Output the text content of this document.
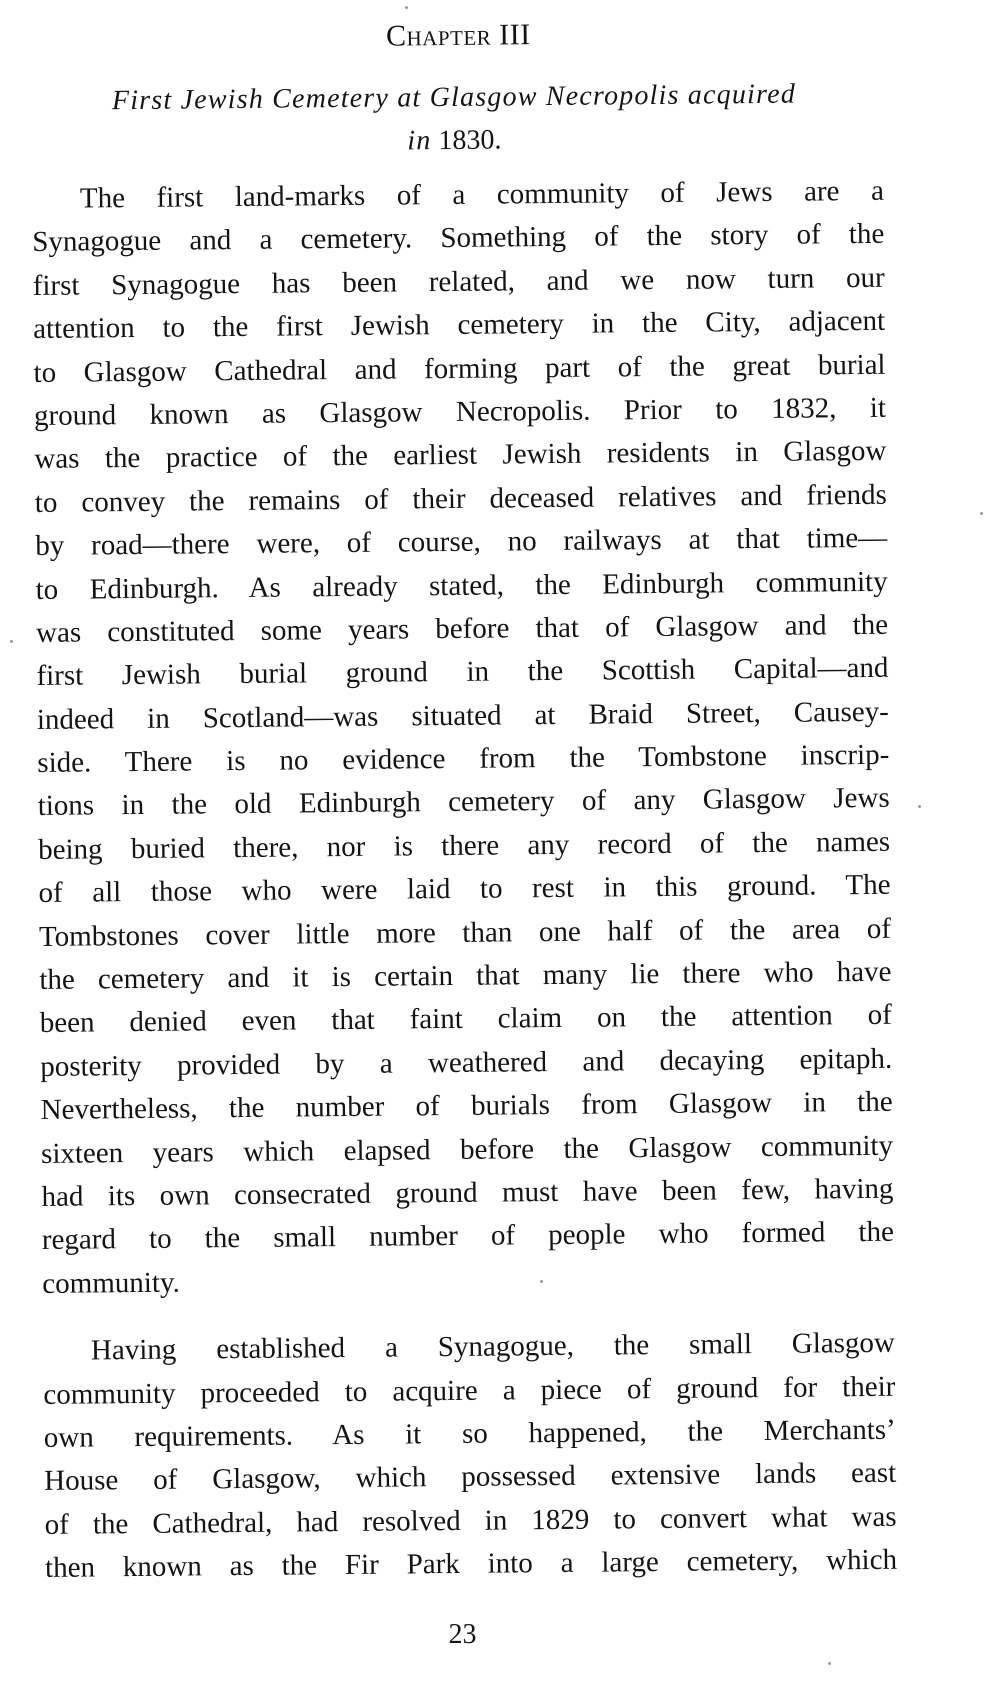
Chapter III
First Jewish Cemetery at Glasgow Necropolis acquired
in 1830.
The first land-marks of a community of Jews are a
Synagogue and a cemetery. Something of the story of the
first Synagogue has been related, and we now turn our
attention to the first Jewish cemetery in the City, adjacent
to Glasgow Cathedral and forming part of the great burial
ground known as Glasgow Necropolis. Prior to 1832, it
was the practice of the earliest Jewish residents in Glasgow
to convey the remains of their deceased relatives and friends
by road—there were, of course, no railways at that time—
to Edinburgh. As already stated, the Edinburgh community
was constituted some years before that of Glasgow and the
first Jewish burial ground in the Scottish Capital—and
indeed in Scotland—was situated at Braid Street, Causey-
side. There is no evidence from the Tombstone inscrip-
tions in the old Edinburgh cemetery of any Glasgow Jews
being buried there, nor is there any record of the names
of all those who were laid to rest in this ground. The
Tombstones cover little more than one half of the area of
the cemetery and it is certain that many lie there who have
been denied even that faint claim on the attention of
posterity provided by a weathered and decaying epitaph.
Nevertheless, the number of burials from Glasgow in the
sixteen years which elapsed before the Glasgow community
had its own consecrated ground must have been few, having
regard to the small number of people who formed the
community.
Having established a Synagogue, the small Glasgow
community proceeded to acquire a piece of ground for their
own requirements. As it so happened, the Merchants’
House of Glasgow, which possessed extensive lands east
of the Cathedral, had resolved in 1829 to convert what was
then known as the Fir Park into a large cemetery, which
23
